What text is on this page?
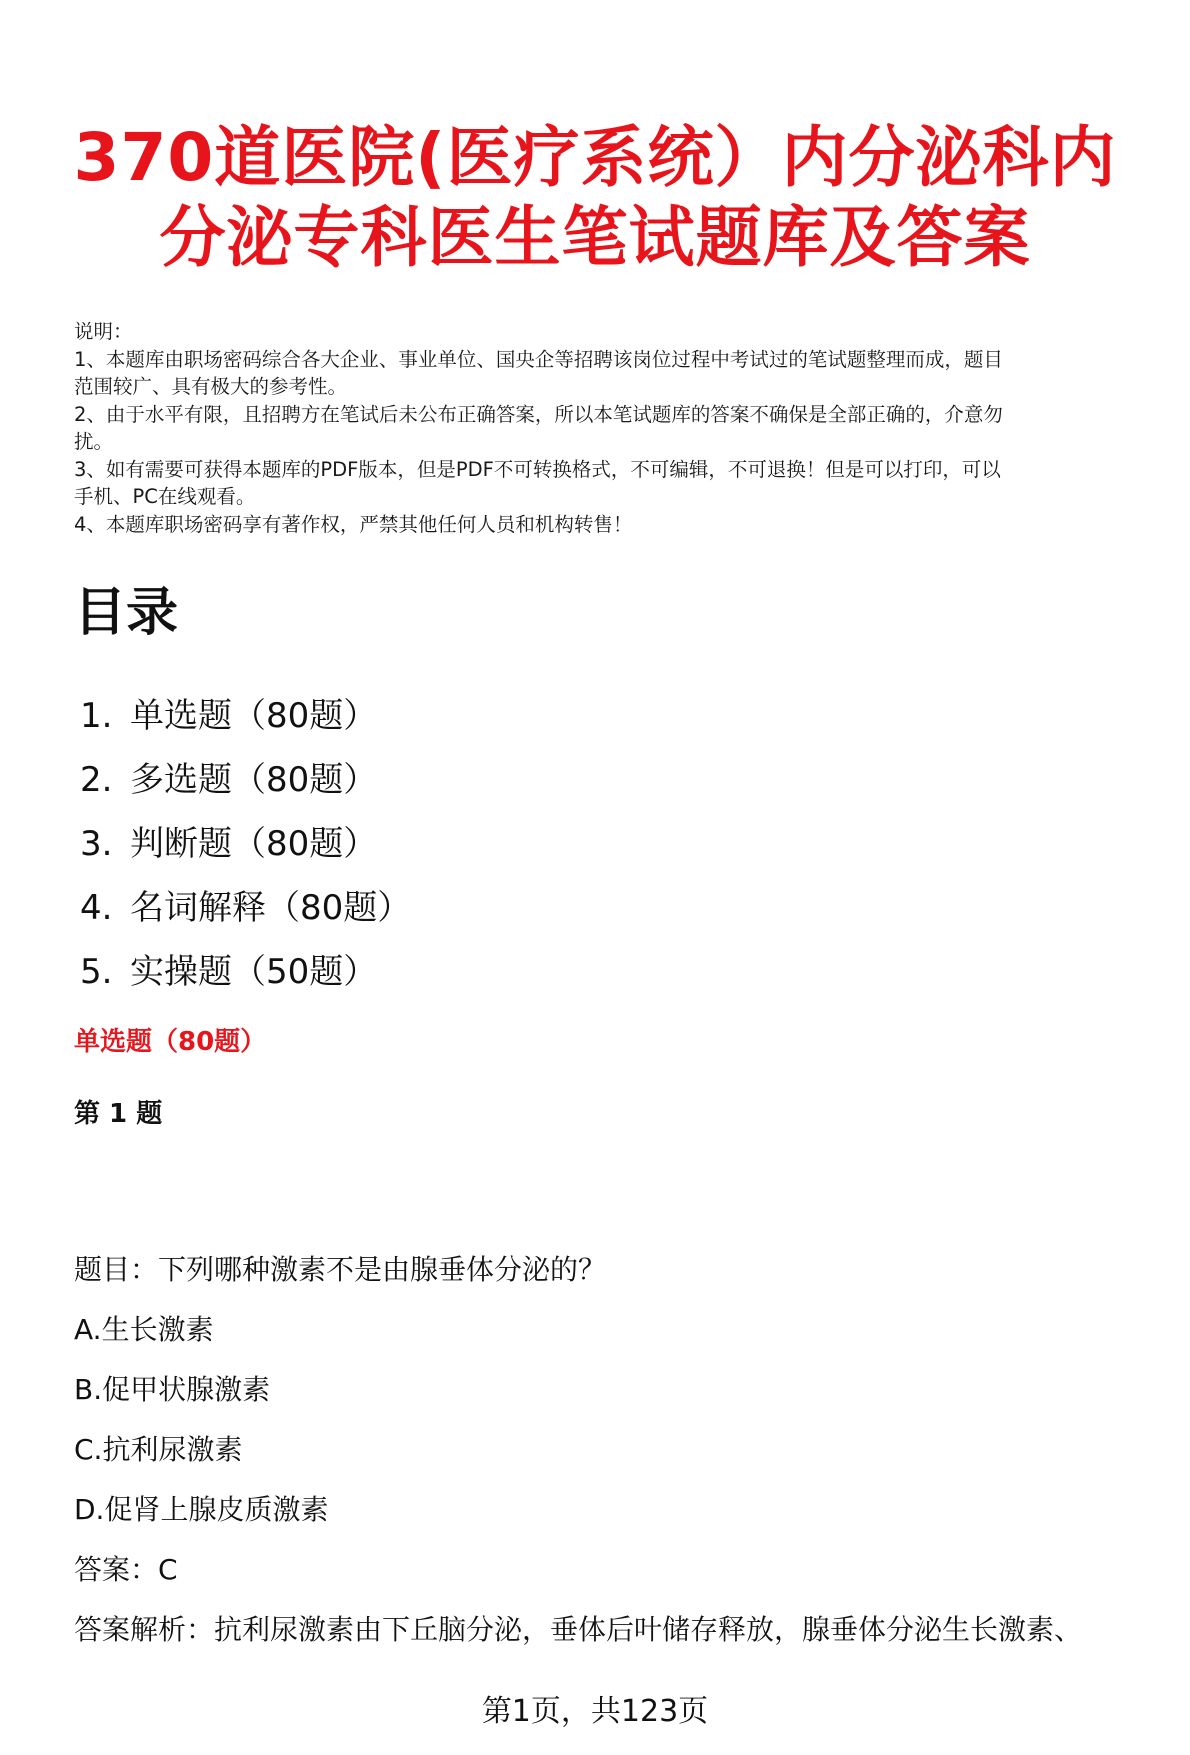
370道医院(医疗系统）内分泌科内
分泌专科医生笔试题库及答案
说明：
1、本题库由职场密码综合各大企业、事业单位、国央企等招聘该岗位过程中考试过的笔试题整理而成，题目
范围较广、具有极大的参考性。
2、由于水平有限，且招聘方在笔试后未公布正确答案，所以本笔试题库的答案不确保是全部正确的，介意勿
扰。
3、如有需要可获得本题库的PDF版本，但是PDF不可转换格式，不可编辑，不可退换！但是可以打印，可以
手机、PC在线观看。
4、本题库职场密码享有著作权，严禁其他任何人员和机构转售！
目录
1. 单选题（80题）
2. 多选题（80题）
3. 判断题（80题）
4. 名词解释（80题）
5. 实操题（50题）
单选题（80题）
第 1 题
题目：下列哪种激素不是由腺垂体分泌的？
A.生长激素
B.促甲状腺激素
C.抗利尿激素
D.促肾上腺皮质激素
答案：C
答案解析：抗利尿激素由下丘脑分泌，垂体后叶储存释放，腺垂体分泌生长激素、
第1页，共123页
